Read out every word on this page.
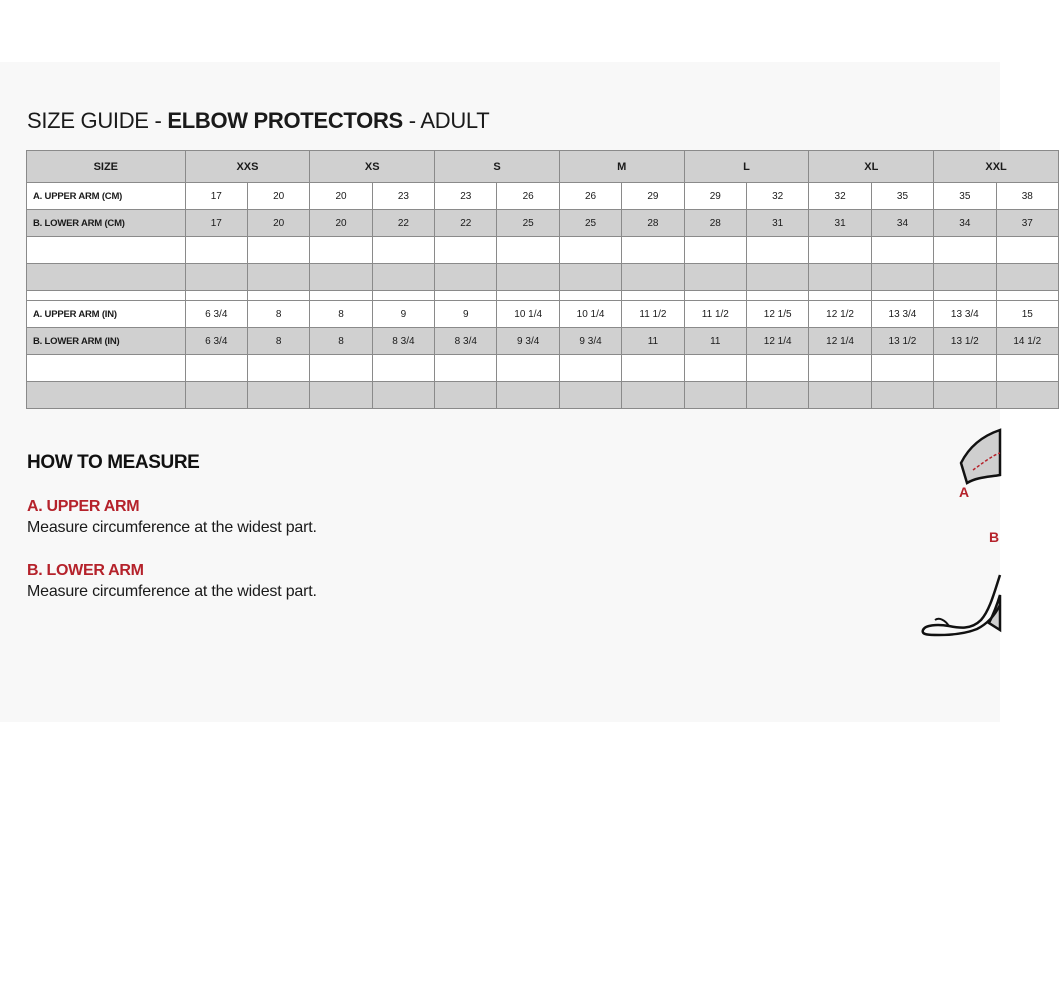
SIZE GUIDE - ELBOW PROTECTORS - ADULT
SIZE	XXS		XS		S		M		L		XL		XXL	
A. UPPER ARM (CM)	17	20	20	23	23	26	26	29	29	32	32	35	35	38
B. LOWER ARM (CM)	17	20	20	22	22	25	25	28	28	31	31	34	34	37

A. UPPER ARM (IN)	6 3/4	8	8	9	9	10 1/4	10 1/4	11 1/2	11 1/2	12 1/5	12 1/2	13 3/4	13 3/4	15
B. LOWER ARM (IN)	6 3/4	8	8	8 3/4	8 3/4	9 3/4	9 3/4	11	11	12 1/4	12 1/4	13 1/2	13 1/2	14 1/2

HOW TO MEASURE
A. UPPER ARM
Measure circumference at the widest part.
B. LOWER ARM
Measure circumference at the widest part.
A
B
